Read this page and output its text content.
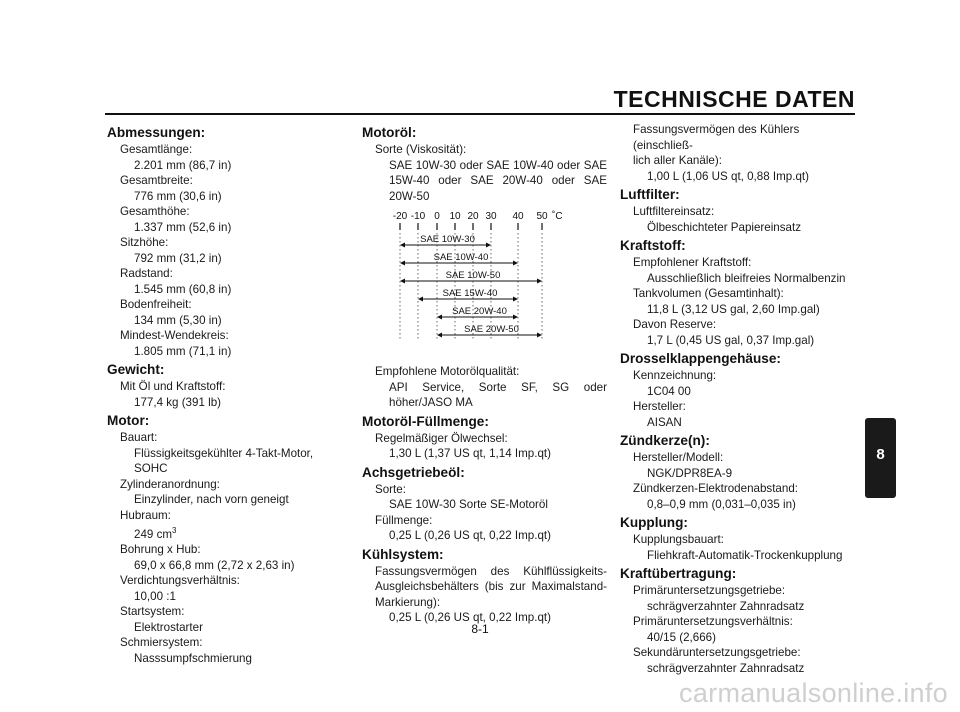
TECHNISCHE DATEN
Abmessungen:
Gesamtlänge:
2.201 mm (86,7 in)
Gesamtbreite:
776 mm (30,6 in)
Gesamthöhe:
1.337 mm (52,6 in)
Sitzhöhe:
792 mm (31,2 in)
Radstand:
1.545 mm (60,8 in)
Bodenfreiheit:
134 mm (5,30 in)
Mindest-Wendekreis:
1.805 mm (71,1 in)
Gewicht:
Mit Öl und Kraftstoff:
177,4 kg (391 lb)
Motor:
Bauart:
Flüssigkeitsgekühlter 4-Takt-Motor,
SOHC
Zylinderanordnung:
Einzylinder, nach vorn geneigt
Hubraum:
249 $cm^3$
Bohrung x Hub:
69,0 x 66,8 mm (2,72 x 2,63 in)
Verdichtungsverhältnis:
10,00 :1
Startsystem:
Elektrostarter
Schmiersystem:
Nasssumpfschmierung
Motoröl:
Sorte (Viskosität):
SAE 10W-30 oder SAE 10W-40 oder SAE
15W-40 oder SAE 20W-40 oder SAE
20W-50
Empfohlene Motorölqualität:
API Service, Sorte SF, SG oder
höher/JASO MA
Motoröl-Füllmenge:
Regelmäßiger Ölwechsel:
1,30 L (1,37 US qt, 1,14 Imp.qt)
Achsgetriebeöl:
Sorte:
SAE 10W-30 Sorte SE-Motoröl
Füllmenge:
0,25 L (0,26 US qt, 0,22 Imp.qt)
Kühlsystem:
Fassungsvermögen des Kühlflüssigkeits-
Ausgleichsbehälters (bis zur Maximalstand-
Markierung):
0,25 L (0,26 US qt, 0,22 Imp.qt)
-20 -10 0 10 20 30 40 50 ˚C
SAE 10W-30
SAE 10W-40
SAE 10W-50
SAE 15W-40
SAE 20W-40
SAE 20W-50
Fassungsvermögen des Kühlers (einschließ-
lich aller Kanäle):
1,00 L (1,06 US qt, 0,88 Imp.qt)
Luftfilter:
Luftfiltereinsatz:
Ölbeschichteter Papiereinsatz
Kraftstoff:
Empfohlener Kraftstoff:
Ausschließlich bleifreies Normalbenzin
Tankvolumen (Gesamtinhalt):
11,8 L (3,12 US gal, 2,60 Imp.gal)
Davon Reserve:
1,7 L (0,45 US gal, 0,37 Imp.gal)
Drosselklappengehäuse:
Kennzeichnung:
1C04 00
Hersteller:
AISAN
Zündkerze(n):
Hersteller/Modell:
NGK/DPR8EA-9
Zündkerzen-Elektrodenabstand:
0,8–0,9 mm (0,031–0,035 in)
Kupplung:
Kupplungsbauart:
Fliehkraft-Automatik-Trockenkupplung
Kraftübertragung:
Primäruntersetzungsgetriebe:
schrägverzahnter Zahnradsatz
Primäruntersetzungsverhältnis:
40/15 (2,666)
Sekundäruntersetzungsgetriebe:
schrägverzahnter Zahnradsatz
8
8-1
carmanualsonline.info
